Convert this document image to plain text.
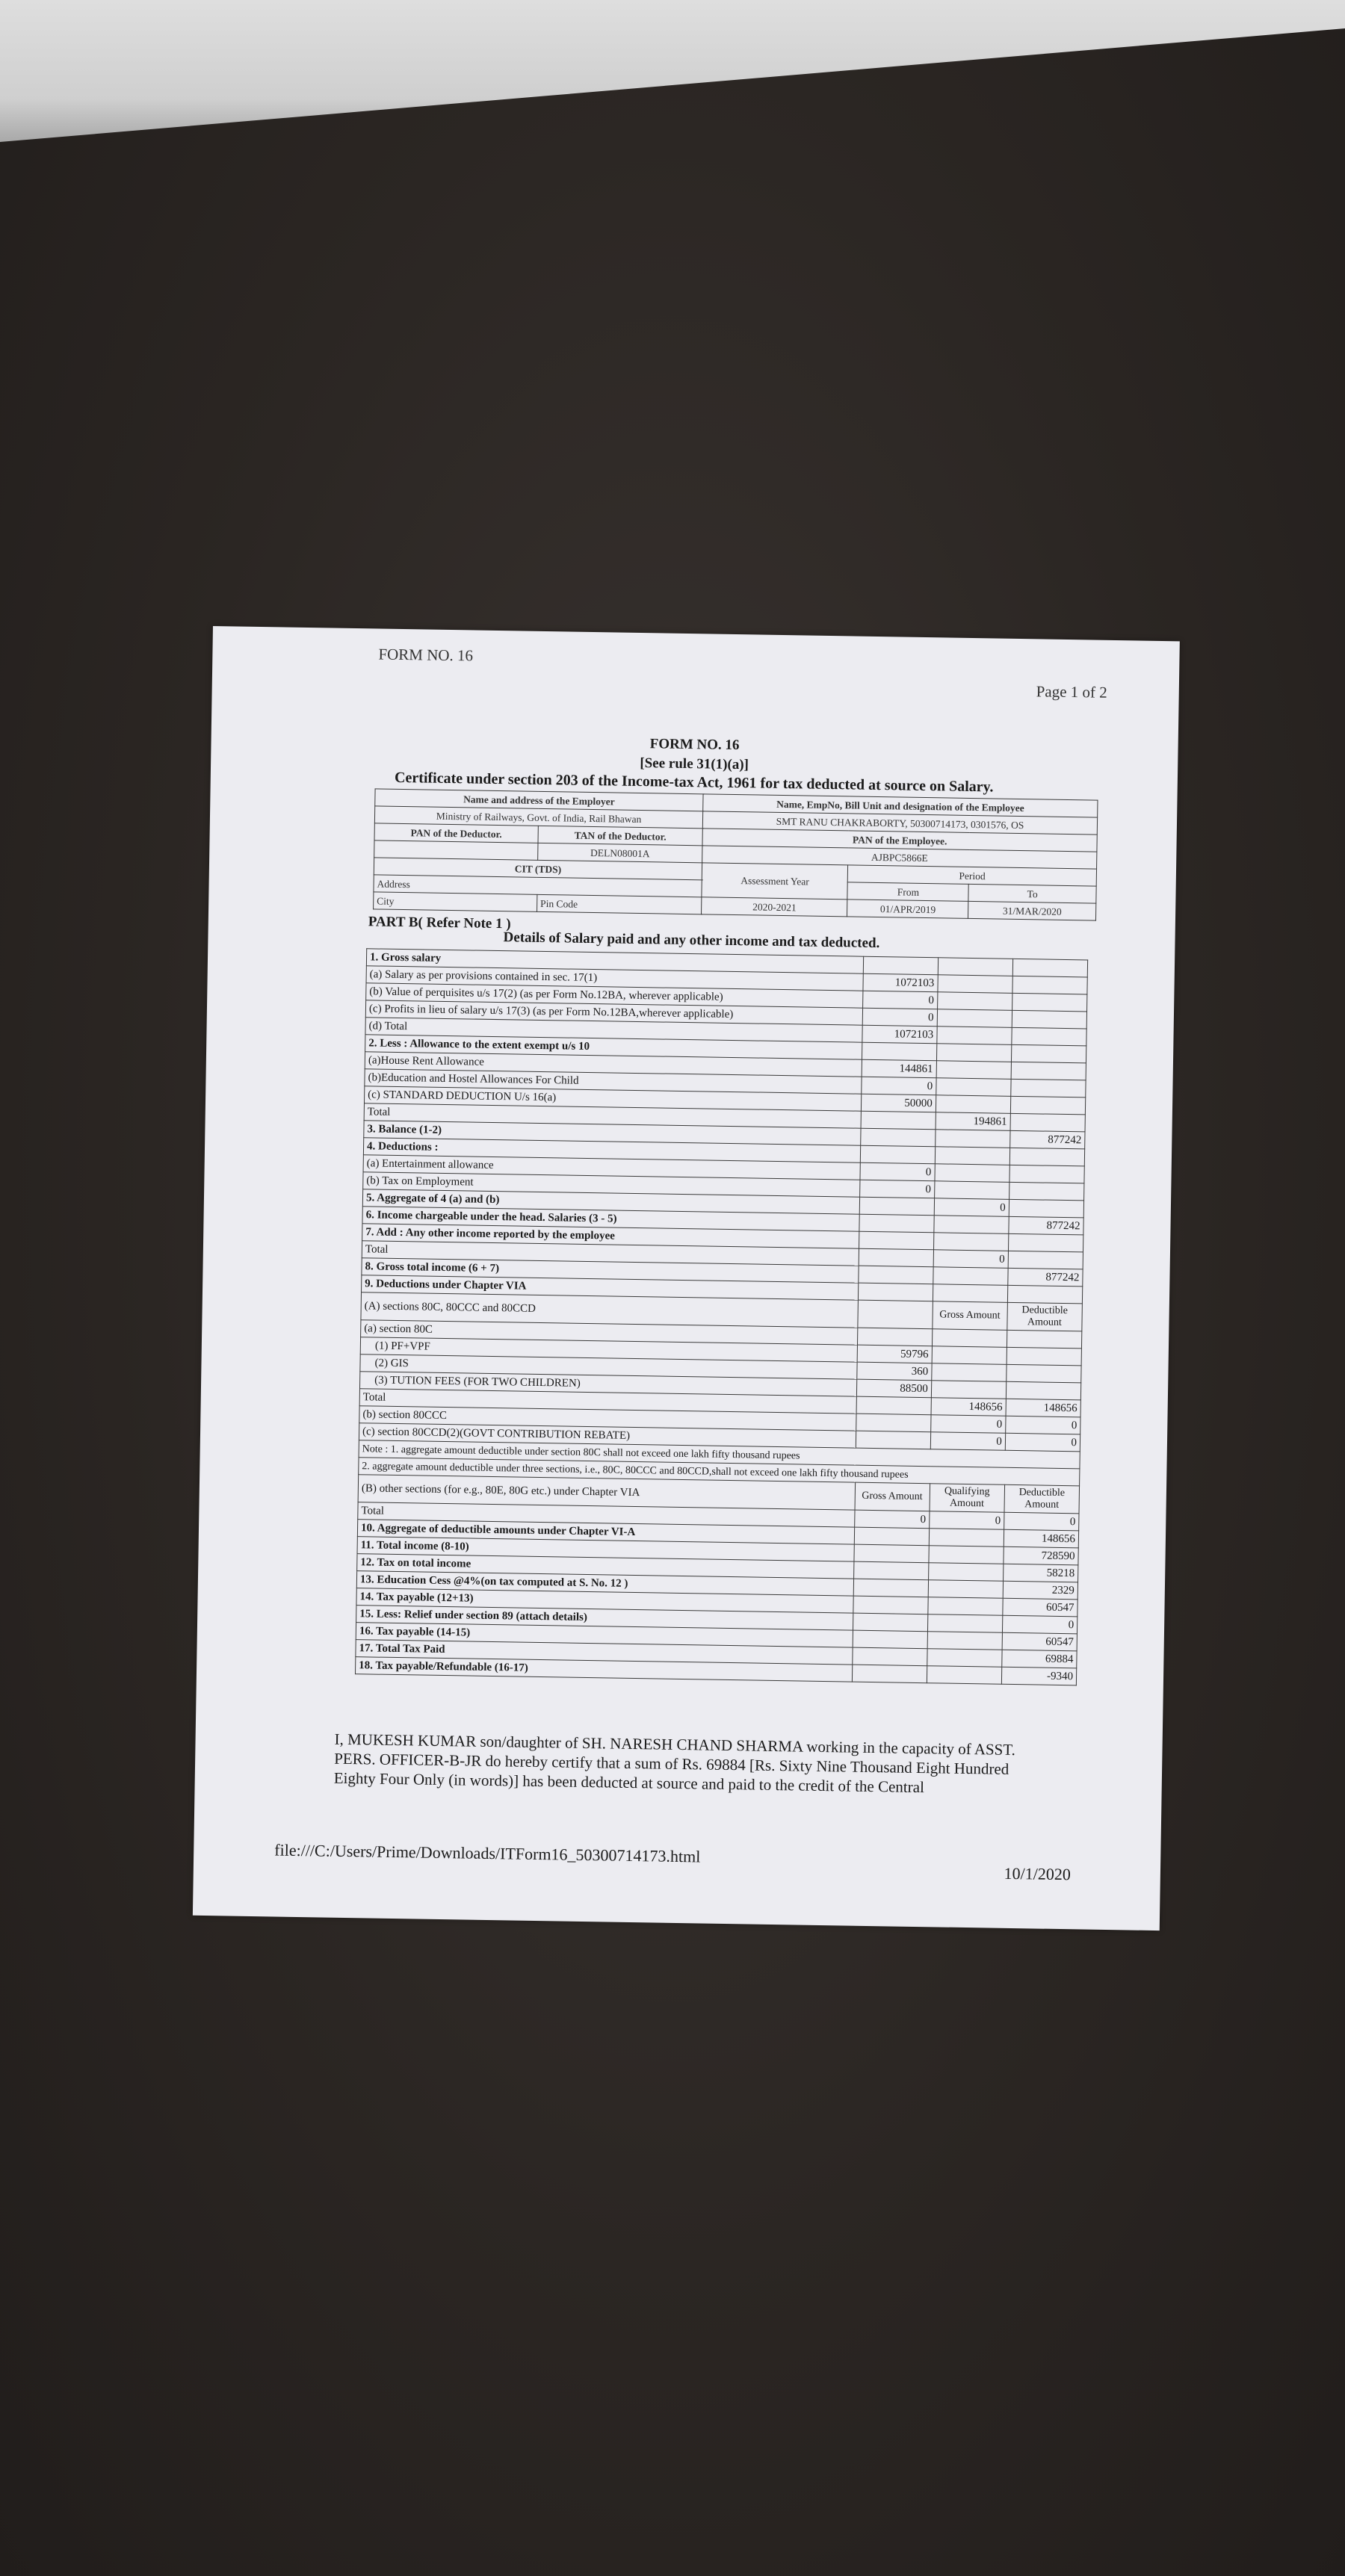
FORM NO. 16
Page 1 of 2
FORM NO. 16
[See rule 31(1)(a)]
Certificate under section 203 of the Income-tax Act, 1961 for tax deducted at source on Salary.
Name and address of the Employer		Name, EmpNo, Bill Unit and designation of the Employee		
Ministry of Railways, Govt. of India, Rail Bhawan		SMT RANU CHAKRABORTY, 50300714173, 0301576, OS		
PAN of the Deductor.	TAN of the Deductor.	PAN of the Employee.		
	DELN08001A	AJBPC5866E		
CIT (TDS)		Assessment Year	Period	
Address			From	To
City	Pin Code	2020-2021	01/APR/2019	31/MAR/2020
PART B( Refer Note 1 )
Details of Salary paid and any other income and tax deducted.
1. Gross salary			
(a) Salary as per provisions contained in sec. 17(1)	1072103		
(b) Value of perquisites u/s 17(2) (as per Form No.12BA, wherever applicable)	0		
(c) Profits in lieu of salary u/s 17(3) (as per Form No.12BA,wherever applicable)	0		
(d) Total	1072103		
2. Less : Allowance to the extent exempt u/s 10			
(a)House Rent Allowance	144861		
(b)Education and Hostel Allowances For Child	0		
(c) STANDARD DEDUCTION U/s 16(a)	50000		
Total		194861	
3. Balance (1-2)			877242
4. Deductions :			
(a) Entertainment allowance	0		
(b) Tax on Employment	0		
5. Aggregate of 4 (a) and (b)		0	
6. Income chargeable under the head. Salaries (3 - 5)			877242
7. Add : Any other income reported by the employee			
Total		0	
8. Gross total income (6 + 7)			877242
9. Deductions under Chapter VIA			
(A) sections 80C, 80CCC and 80CCD		Gross Amount	Deductible Amount
(a) section 80C			
(1) PF+VPF	59796		
(2) GIS	360		
(3) TUTION FEES (FOR TWO CHILDREN)	88500		
Total		148656	148656
(b) section 80CCC		0	0
(c) section 80CCD(2)(GOVT CONTRIBUTION REBATE)		0	0
Note : 1. aggregate amount deductible under section 80C shall not exceed one lakh fifty thousand rupees			
2. aggregate amount deductible under three sections, i.e., 80C, 80CCC and 80CCD,shall not exceed one lakh fifty thousand rupees			
(B) other sections (for e.g., 80E, 80G etc.) under Chapter VIA	Gross Amount	Qualifying Amount	Deductible Amount
Total	0	0	0
10. Aggregate of deductible amounts under Chapter VI-A			148656
11. Total income (8-10)			728590
12. Tax on total income			58218
13. Education Cess @4%(on tax computed at S. No. 12 )			2329
14. Tax payable (12+13)			60547
15. Less: Relief under section 89 (attach details)			0
16. Tax payable (14-15)			60547
17. Total Tax Paid			69884
18. Tax payable/Refundable (16-17)			-9340
I, MUKESH KUMAR son/daughter of SH. NARESH CHAND SHARMA working in the capacity of ASST. PERS. OFFICER-B-JR do hereby certify that a sum of Rs. 69884 [Rs. Sixty Nine Thousand Eight Hundred Eighty Four Only (in words)] has been deducted at source and paid to the credit of the Central
file:///C:/Users/Prime/Downloads/ITForm16_50300714173.html
10/1/2020
